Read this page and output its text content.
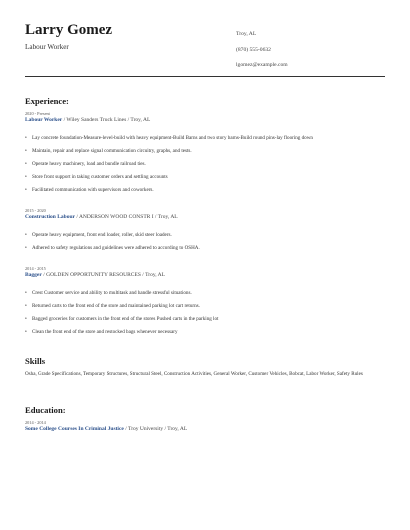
Larry Gomez
Labour Worker
Troy, AL
(870) 555-0632
lgomez@example.com
Experience:
2020 - Present
Labour Worker / Wiley Sanders Truck Lines / Troy, AL
• Lay concrete foundation-Measure-level-build with heavy equipment-Build Barns and two story barns-Build round pins-lay flooring down
• Maintain, repair and replace signal communication circuitry, graphs, and tests.
• Operate heavy machinery, load and bundle railroad ties.
• Store front support in taking customer orders and settling accounts
• Facilitated communication with supervisors and coworkers.
2015 - 2020
Construction Labour / ANDERSON WOOD CONSTR I / Troy, AL
• Operate heavy equipment, front end loader, roller, skid steer loaders.
• Adhered to safety regulations and guidelines were adhered to according to OSHA.
2014 - 2015
Bagger / GOLDEN OPPORTUNITY RESOURCES / Troy, AL
• Crest Customer service and ability to multitask and handle stressful situations.
• Returned carts to the front end of the store and maintained parking lot cart returns.
• Bagged groceries for customers in the front end of the stores Pushed carts in the parking lot
• Clean the front end of the store and restocked bags whenever necessary
Skills
Osha, Grade Specifications, Temporary Structures, Structural Steel, Construction Activities, General Worker, Customer Vehicles, Bobcat, Labor Worker, Safety Rules
Education:
2014 - 2014
Some College Courses In Criminal Justice / Troy University / Troy, AL
